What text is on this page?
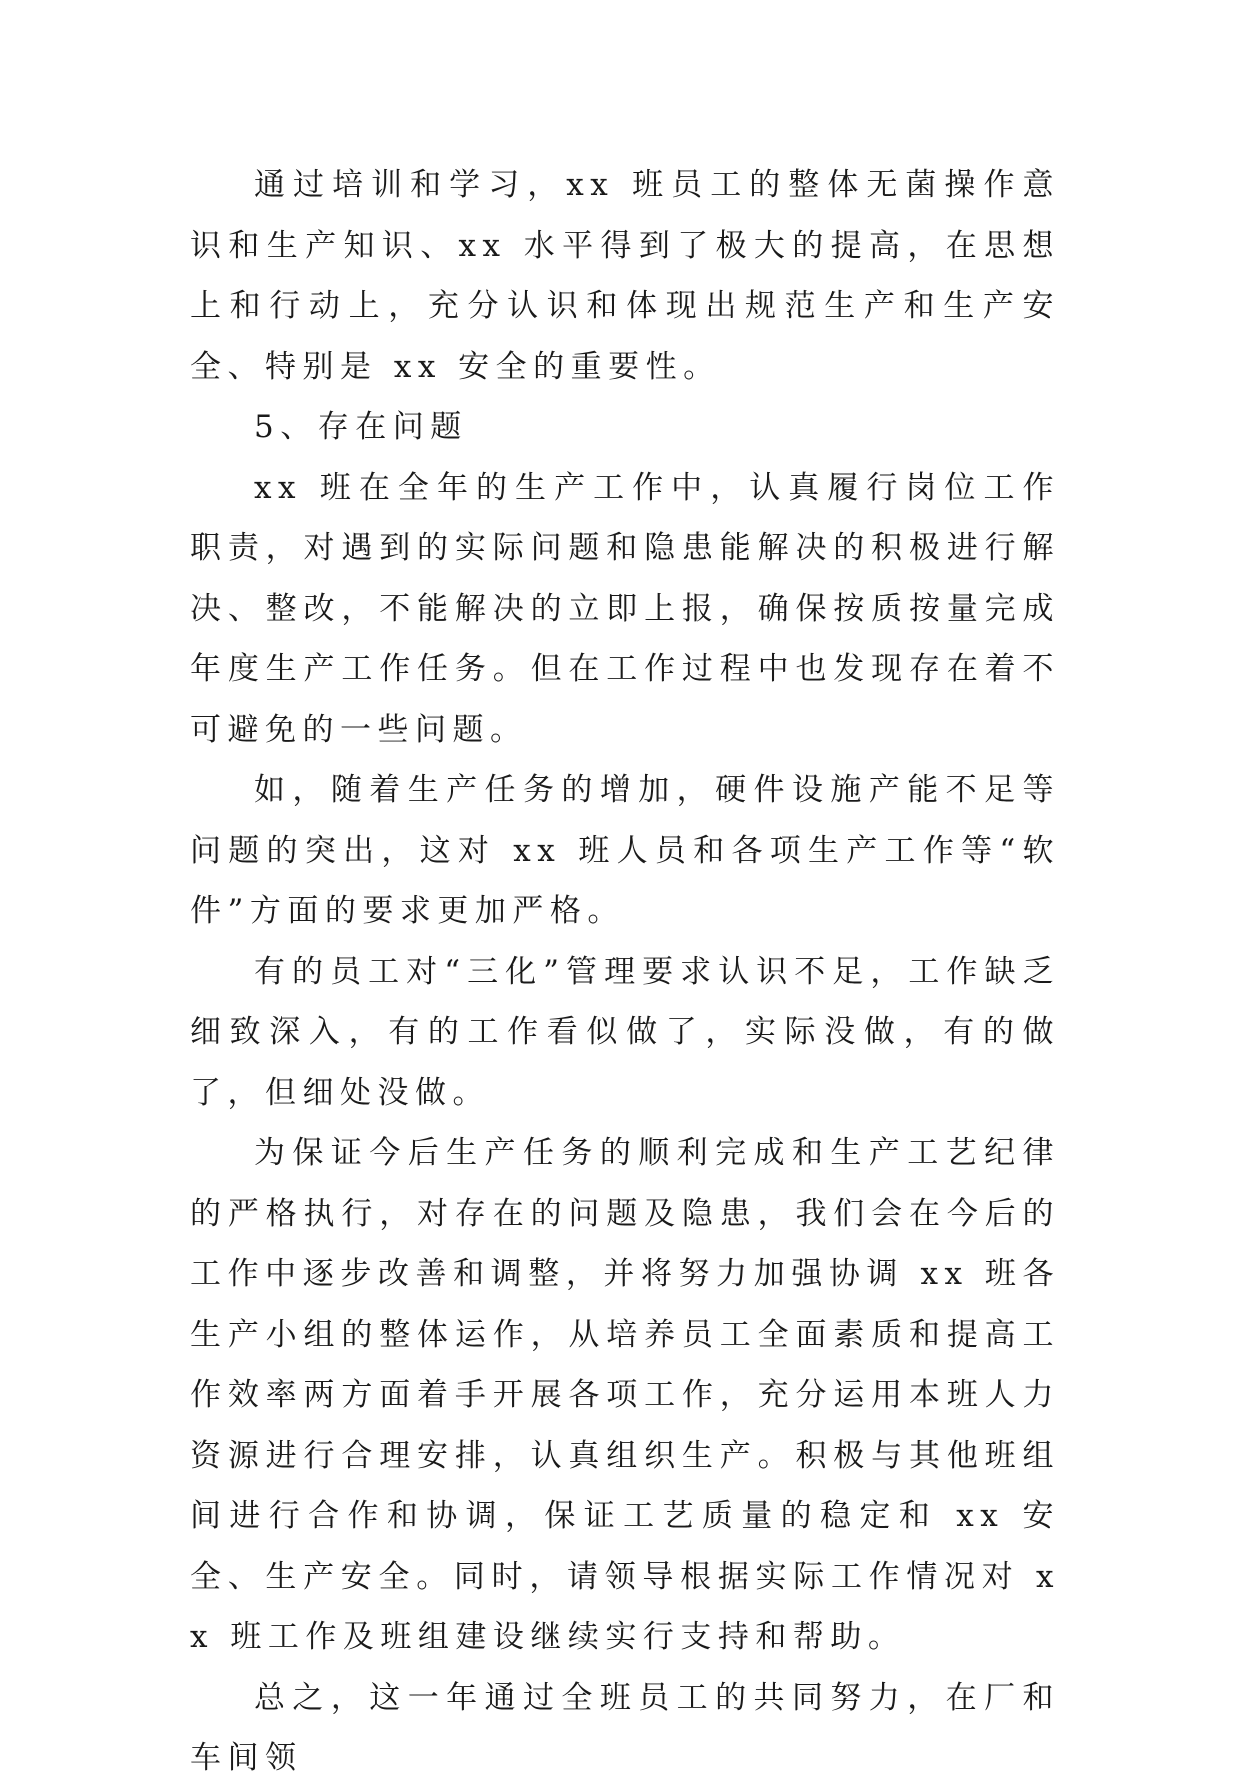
通过培训和学习，xx 班员工的整体无菌操作意识和生产知识、xx 水平得到了极大的提高，在思想上和行动上，充分认识和体现出规范生产和生产安全、特别是 xx 安全的重要性。

5、存在问题

xx 班在全年的生产工作中，认真履行岗位工作职责，对遇到的实际问题和隐患能解决的积极进行解决、整改，不能解决的立即上报，确保按质按量完成年度生产工作任务。但在工作过程中也发现存在着不可避免的一些问题。

如，随着生产任务的增加，硬件设施产能不足等问题的突出，这对 xx 班人员和各项生产工作等“软件”方面的要求更加严格。

有的员工对“三化”管理要求认识不足，工作缺乏细致深入，有的工作看似做了，实际没做，有的做了，但细处没做。

为保证今后生产任务的顺利完成和生产工艺纪律的严格执行，对存在的问题及隐患，我们会在今后的工作中逐步改善和调整，并将努力加强协调 xx 班各生产小组的整体运作，从培养员工全面素质和提高工作效率两方面着手开展各项工作，充分运用本班人力资源进行合理安排，认真组织生产。积极与其他班组间进行合作和协调，保证工艺质量的稳定和 xx 安全、生产安全。同时，请领导根据实际工作情况对 xx 班工作及班组建设继续实行支持和帮助。

总之，这一年通过全班员工的共同努力，在厂和车间领
